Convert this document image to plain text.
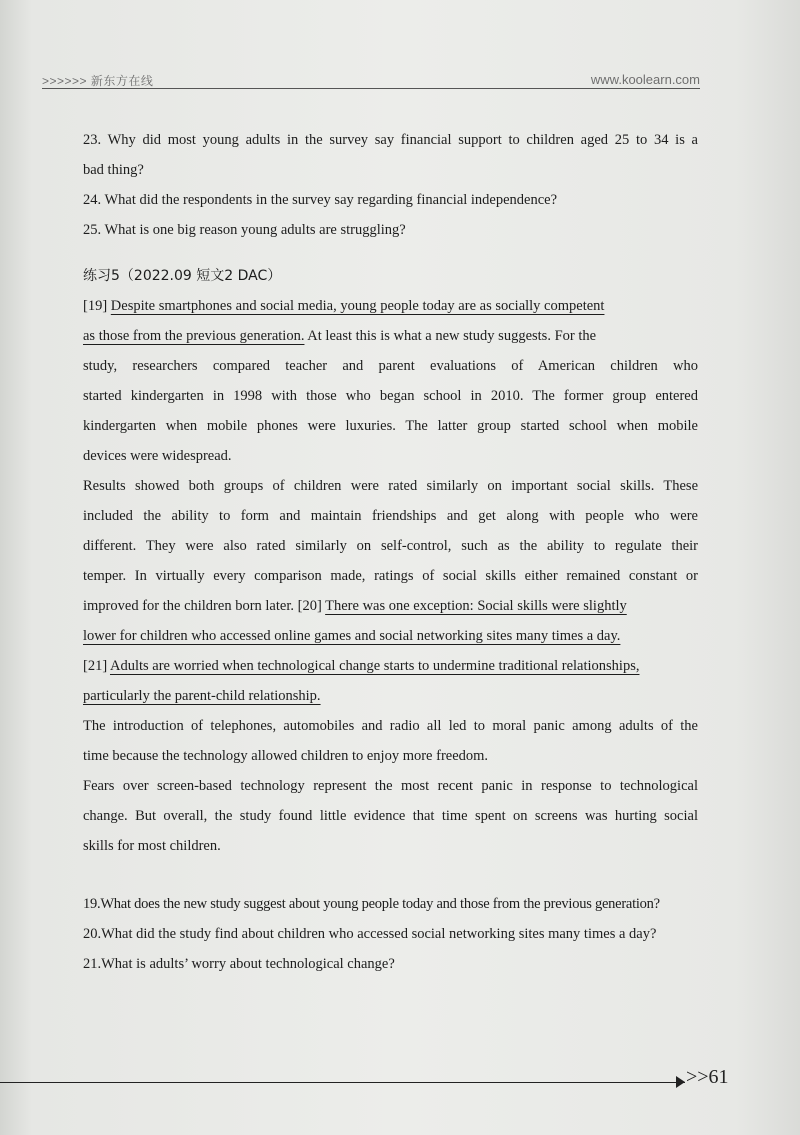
>>>>>> 新东方在线	www.koolearn.com
23. Why did most young adults in the survey say financial support to children aged 25 to 34 is a
bad thing?
24. What did the respondents in the survey say regarding financial independence?
25. What is one big reason young adults are struggling?
练习5（2022.09 短文2 DAC）
[19] Despite smartphones and social media, young people today are as socially competent
as those from the previous generation. At least this is what a new study suggests. For the
study, researchers compared teacher and parent evaluations of American children who
started kindergarten in 1998 with those who began school in 2010. The former group entered
kindergarten when mobile phones were luxuries. The latter group started school when mobile
devices were widespread.
Results showed both groups of children were rated similarly on important social skills. These
included the ability to form and maintain friendships and get along with people who were
different. They were also rated similarly on self-control, such as the ability to regulate their
temper. In virtually every comparison made, ratings of social skills either remained constant or
improved for the children born later. [20] There was one exception: Social skills were slightly
lower for children who accessed online games and social networking sites many times a day.
[21] Adults are worried when technological change starts to undermine traditional relationships,
particularly the parent-child relationship.
The introduction of telephones, automobiles and radio all led to moral panic among adults of the
time because the technology allowed children to enjoy more freedom.
Fears over screen-based technology represent the most recent panic in response to technological
change. But overall, the study found little evidence that time spent on screens was hurting social
skills for most children.
19.What does the new study suggest about young people today and those from the previous generation?
20.What did the study find about children who accessed social networking sites many times a day?
21.What is adults’ worry about technological change?
>>61
